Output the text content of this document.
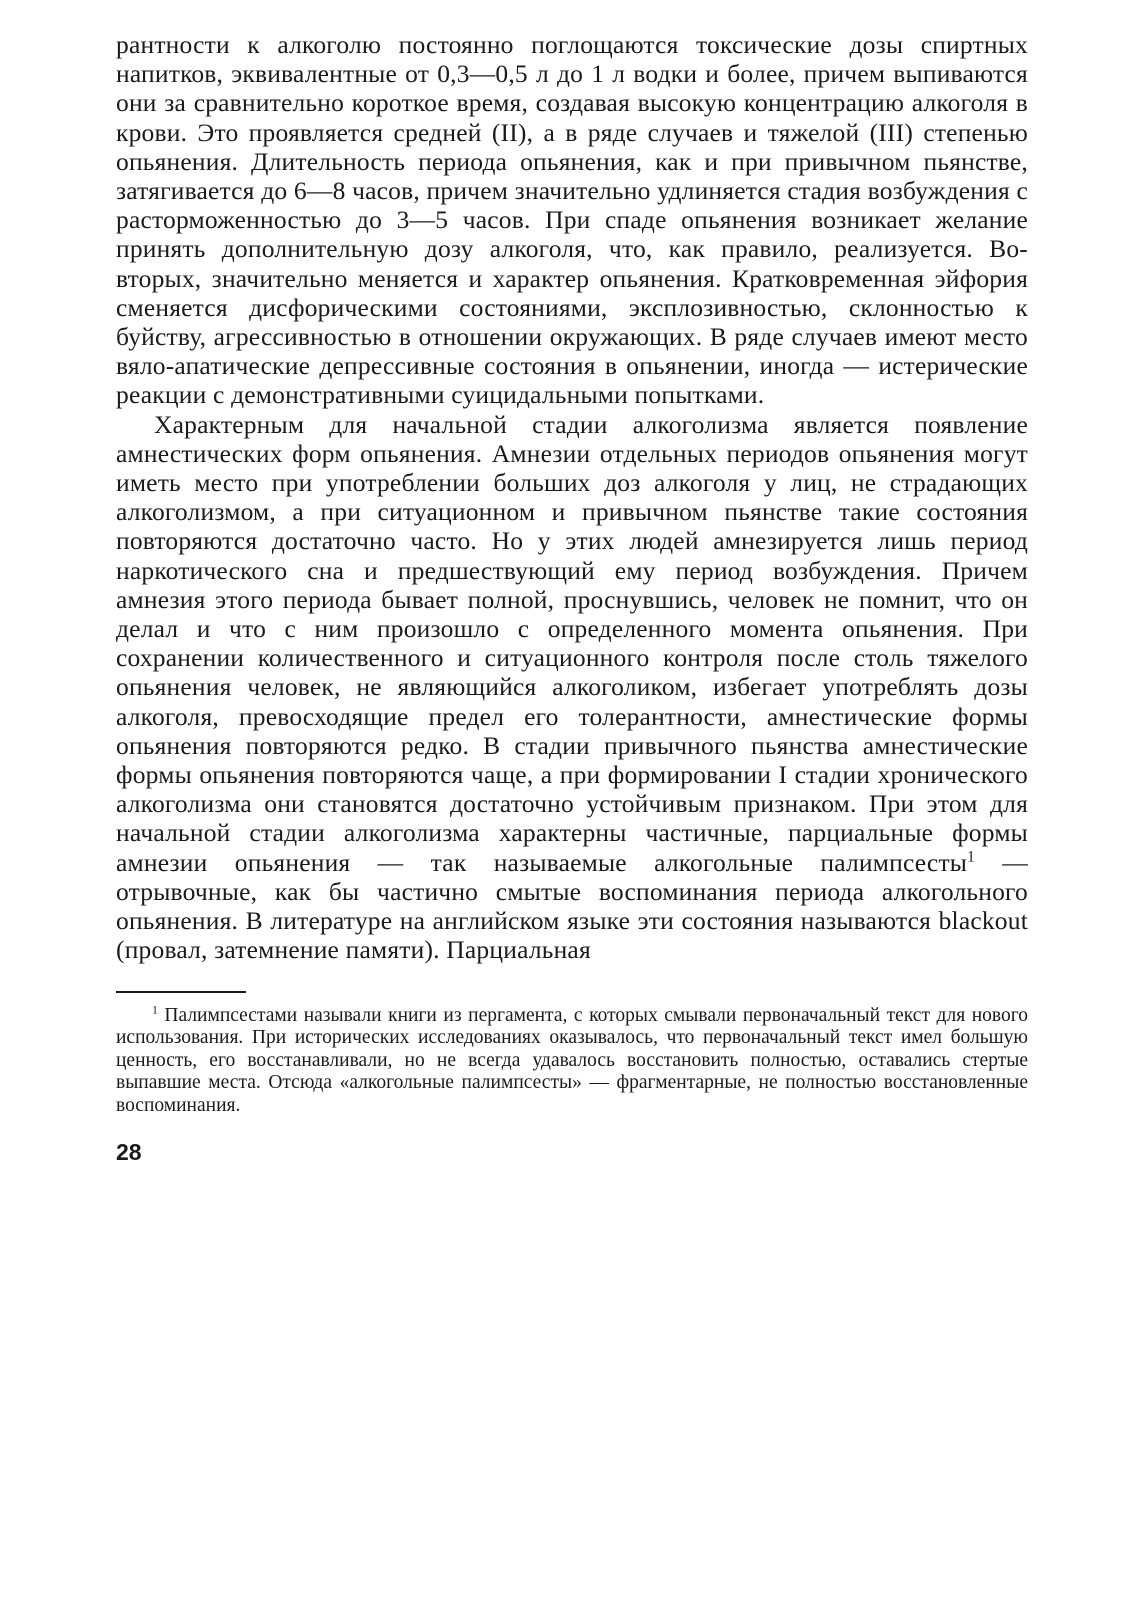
рантности к алкоголю постоянно поглощаются токсические дозы спиртных напитков, эквивалентные от 0,3—0,5 л до 1 л водки и более, причем выпиваются они за сравнительно короткое время, создавая высокую концентрацию алкоголя в крови. Это проявляется средней (II), а в ряде случаев и тяжелой (III) степенью опьянения. Длительность периода опьянения, как и при привычном пьянстве, затягивается до 6—8 часов, причем значительно удлиняется стадия возбуждения с расторможенностью до 3—5 часов. При спаде опьянения возникает желание принять дополнительную дозу алкоголя, что, как правило, реализуется. Во-вторых, значительно меняется и характер опьянения. Кратковременная эйфория сменяется дисфорическими состояниями, эксплозивностью, склонностью к буйству, агрессивностью в отношении окружающих. В ряде случаев имеют место вяло-апатические депрессивные состояния в опьянении, иногда — истерические реакции с демонстративными суицидальными попытками.

Характерным для начальной стадии алкоголизма является появление амнестических форм опьянения. Амнезии отдельных периодов опьянения могут иметь место при употреблении больших доз алкоголя у лиц, не страдающих алкоголизмом, а при ситуационном и привычном пьянстве такие состояния повторяются достаточно часто. Но у этих людей амнезируется лишь период наркотического сна и предшествующий ему период возбуждения. Причем амнезия этого периода бывает полной, проснувшись, человек не помнит, что он делал и что с ним произошло с определенного момента опьянения. При сохранении количественного и ситуационного контроля после столь тяжелого опьянения человек, не являющийся алкоголиком, избегает употреблять дозы алкоголя, превосходящие предел его толерантности, амнестические формы опьянения повторяются редко. В стадии привычного пьянства амнестические формы опьянения повторяются чаще, а при формировании I стадии хронического алкоголизма они становятся достаточно устойчивым признаком. При этом для начальной стадии алкоголизма характерны частичные, парциальные формы амнезии опьянения — так называемые алкогольные палимпсесты$^1$ — отрывочные, как бы частично смытые воспоминания периода алкогольного опьянения. В литературе на английском языке эти состояния называются blackout (провал, затемнение памяти). Парциальная

$^1$ Палимпсестами называли книги из пергамента, с которых смывали первоначальный текст для нового использования. При исторических исследованиях оказывалось, что первоначальный текст имел большую ценность, его восстанавливали, но не всегда удавалось восстановить полностью, оставались стертые выпавшие места. Отсюда «алкогольные палимпсесты» — фрагментарные, не полностью восстановленные воспоминания.

28
